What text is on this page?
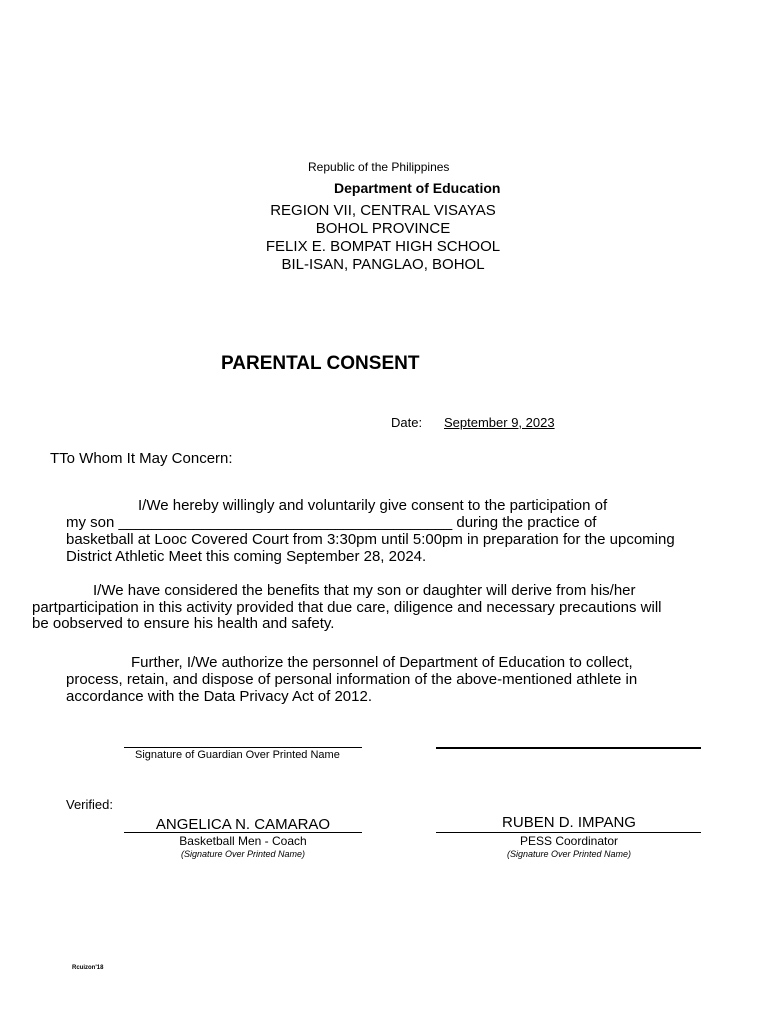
Republic of the Philippines
Department of Education
REGION VII, CENTRAL VISAYAS
BOHOL PROVINCE
FELIX E. BOMPAT HIGH SCHOOL
BIL-ISAN, PANGLAO, BOHOL
PARENTAL CONSENT
Date: September 9, 2023
TTo Whom It May Concern:
I/We hereby willingly and voluntarily give consent to the participation of
my son ________________________________________ during the practice of
basketball at Looc Covered Court from 3:30pm until 5:00pm in preparation for the upcoming
District Athletic Meet this coming September 28, 2024.
I/We have considered the benefits that my son or daughter will derive from his/her
partparticipation in this activity provided that due care, diligence and necessary precautions will
be oobserved to ensure his health and safety.
Further, I/We authorize the personnel of Department of Education to collect,
process, retain, and dispose of personal information of the above-mentioned athlete in
accordance with the Data Privacy Act of 2012.
Signature of Guardian Over Printed Name
Verified:
ANGELICA N. CAMARAO
Basketball Men - Coach
(Signature Over Printed Name)
RUBEN D. IMPANG
PESS Coordinator
(Signature Over Printed Name)
Rcuizon'18
